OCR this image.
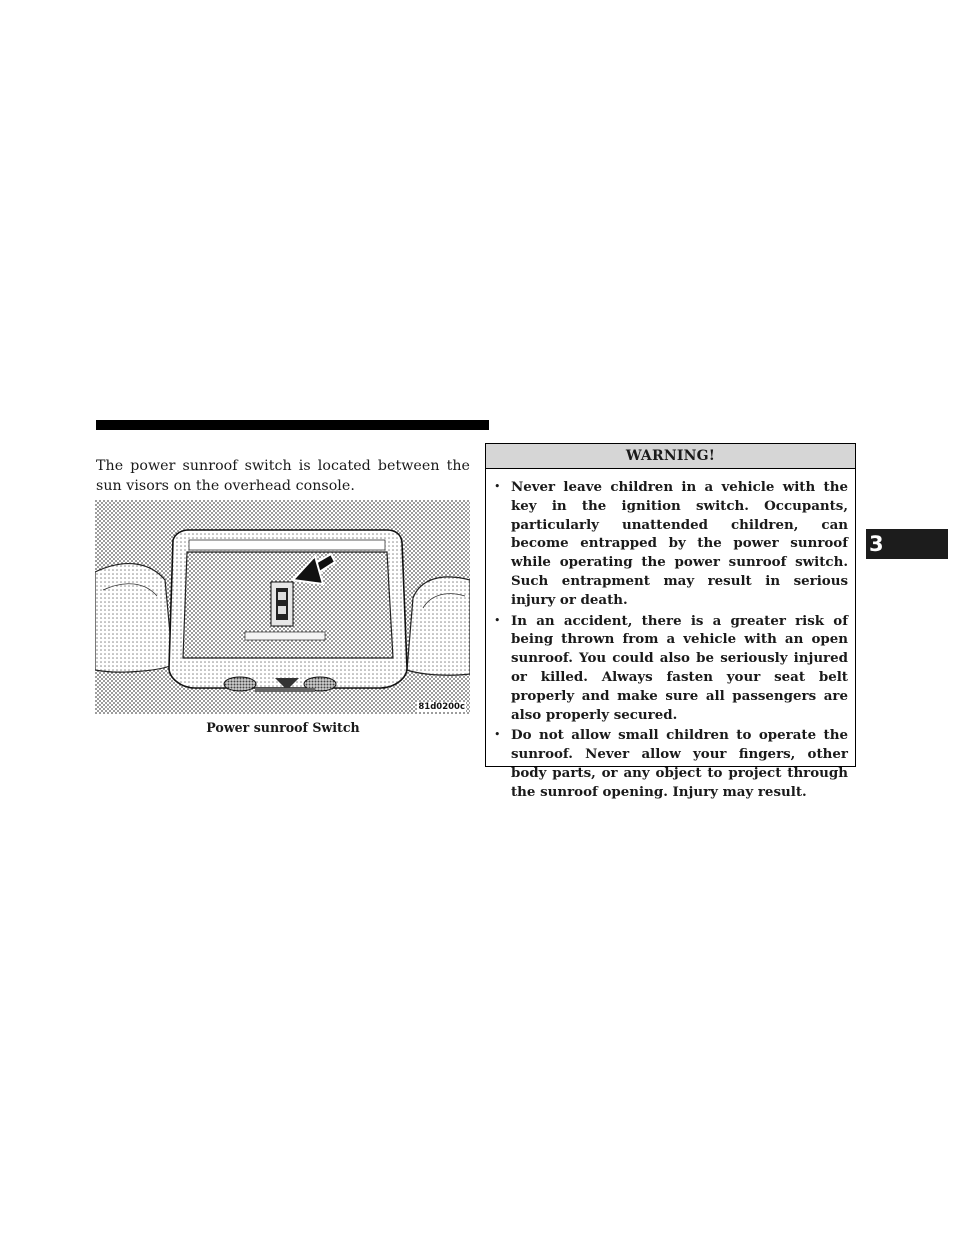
The power sunroof switch is located between the sun visors on the overhead console.

81d0200c
Power sunroof Switch
WARNING!
• Never leave children in a vehicle with the key in the ignition switch. Occupants, particularly unattended children, can become entrapped by the power sunroof while operating the power sunroof switch. Such entrapment may result in serious injury or death.
• In an accident, there is a greater risk of being thrown from a vehicle with an open sunroof. You could also be seriously injured or killed. Always fasten your seat belt properly and make sure all passengers are also properly secured.
• Do not allow small children to operate the sunroof. Never allow your fingers, other body parts, or any object to project through the sunroof opening. Injury may result.
3
